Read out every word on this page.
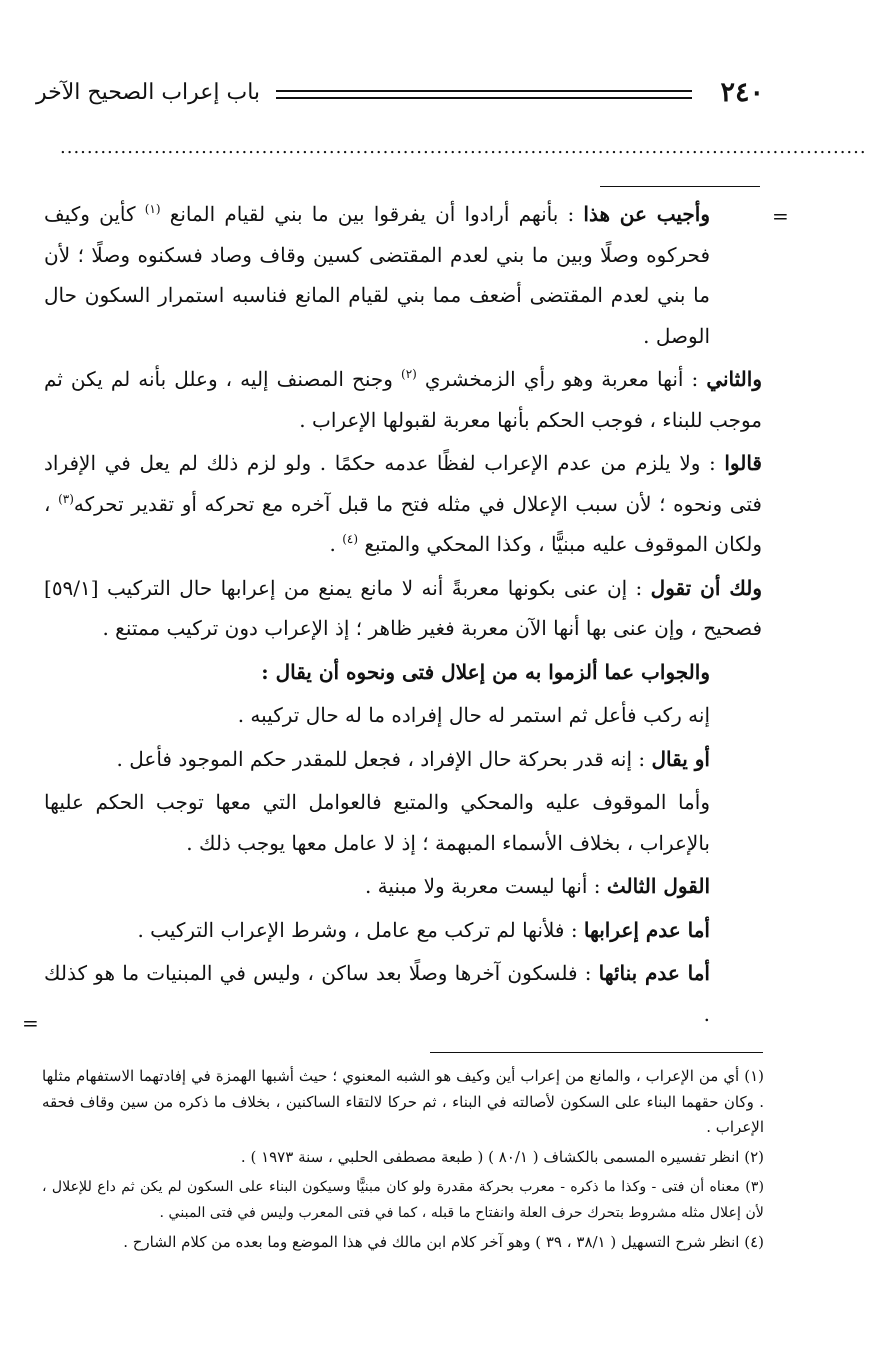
٢٤٠
باب إعراب الصحيح الآخر
........................................................................................................................
=
=

وأجيب عن هذا : بأنهم أرادوا أن يفرقوا بين ما بني لقيام المانع $^{(١)}$ كأين وكيف فحركوه وصلًا وبين ما بني لعدم المقتضى كسين وقاف وصاد فسكنوه وصلًا ؛ لأن ما بني لعدم المقتضى أضعف مما بني لقيام المانع فناسبه استمرار السكون حال الوصل .

والثاني : أنها معربة وهو رأي الزمخشري $^{(٢)}$ وجنح المصنف إليه ، وعلل بأنه لم يكن ثم موجب للبناء ، فوجب الحكم بأنها معربة لقبولها الإعراب .

قالوا : ولا يلزم من عدم الإعراب لفظًا عدمه حكمًا . ولو لزم ذلك لم يعل في الإفراد فتى ونحوه ؛ لأن سبب الإعلال في مثله فتح ما قبل آخره مع تحركه أو تقدير تحركه$^{(٣)}$ ، ولكان الموقوف عليه مبنيًّا ، وكذا المحكي والمتبع $^{(٤)}$ .

ولك أن تقول : إن عنى بكونها معربةً أنه لا مانع يمنع من إعرابها حال التركيب [٥٩/١] فصحيح ، وإن عنى بها أنها الآن معربة فغير ظاهر ؛ إذ الإعراب دون تركيب ممتنع .

والجواب عما ألزموا به من إعلال فتى ونحوه أن يقال :

إنه ركب فأعل ثم استمر له حال إفراده ما له حال تركيبه .

أو يقال : إنه قدر بحركة حال الإفراد ، فجعل للمقدر حكم الموجود فأعل .

وأما الموقوف عليه والمحكي والمتبع فالعوامل التي معها توجب الحكم عليها بالإعراب ، بخلاف الأسماء المبهمة ؛ إذ لا عامل معها يوجب ذلك .

القول الثالث : أنها ليست معربة ولا مبنية .

أما عدم إعرابها : فلأنها لم تركب مع عامل ، وشرط الإعراب التركيب .

أما عدم بنائها : فلسكون آخرها وصلًا بعد ساكن ، وليس في المبنيات ما هو كذلك .

(١) أي من الإعراب ، والمانع من إعراب أين وكيف هو الشبه المعنوي ؛ حيث أشبها الهمزة في إفادتهما الاستفهام مثلها . وكان حقهما البناء على السكون لأصالته في البناء ، ثم حركا لالتقاء الساكنين ، بخلاف ما ذكره من سين وقاف فحقه الإعراب .

(٢) انظر تفسيره المسمى بالكشاف ( ٨٠/١ ) ( طبعة مصطفى الحلبي ، سنة ١٩٧٣ ) .

(٣) معناه أن فتى - وكذا ما ذكره - معرب بحركة مقدرة ولو كان مبنيًّا وسيكون البناء على السكون لم يكن ثم داع للإعلال ، لأن إعلال مثله مشروط بتحرك حرف العلة وانفتاح ما قبله ، كما في فتى المعرب وليس في فتى المبني .

(٤) انظر شرح التسهيل ( ٣٨/١ ، ٣٩ ) وهو آخر كلام ابن مالك في هذا الموضع وما بعده من كلام الشارح .
